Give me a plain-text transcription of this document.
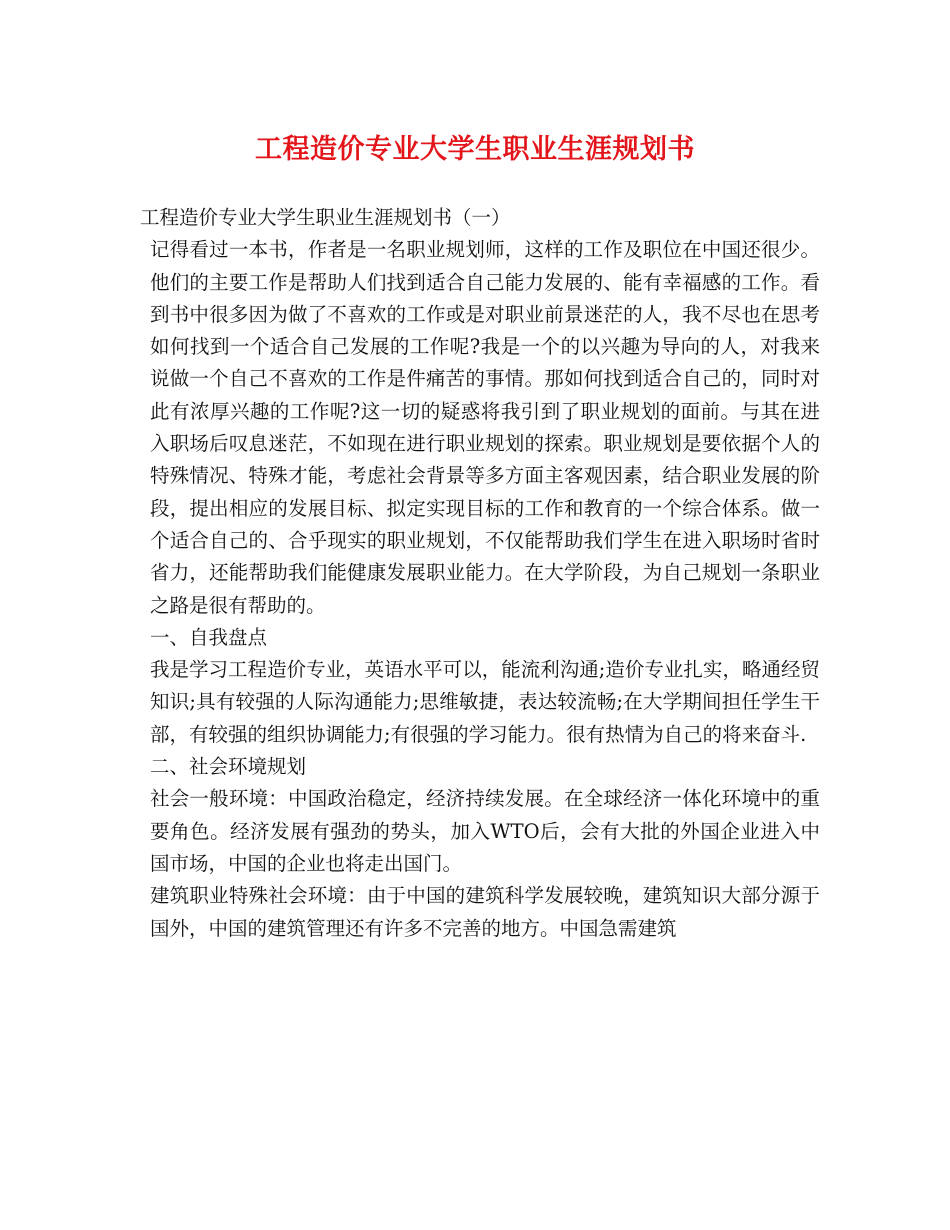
工程造价专业大学生职业生涯规划书

工程造价专业大学生职业生涯规划书（一）

记得看过一本书，作者是一名职业规划师，这样的工作及职位在中国还很少。他们的主要工作是帮助人们找到适合自己能力发展的、能有幸福感的工作。看到书中很多因为做了不喜欢的工作或是对职业前景迷茫的人，我不尽也在思考如何找到一个适合自己发展的工作呢?我是一个的以兴趣为导向的人，对我来说做一个自己不喜欢的工作是件痛苦的事情。那如何找到适合自己的，同时对此有浓厚兴趣的工作呢?这一切的疑惑将我引到了职业规划的面前。与其在进入职场后叹息迷茫，不如现在进行职业规划的探索。职业规划是要依据个人的特殊情况、特殊才能，考虑社会背景等多方面主客观因素，结合职业发展的阶段，提出相应的发展目标、拟定实现目标的工作和教育的一个综合体系。做一个适合自己的、合乎现实的职业规划，不仅能帮助我们学生在进入职场时省时省力，还能帮助我们能健康发展职业能力。在大学阶段，为自己规划一条职业之路是很有帮助的。

一、自我盘点

我是学习工程造价专业，英语水平可以，能流利沟通;造价专业扎实，略通经贸知识;具有较强的人际沟通能力;思维敏捷，表达较流畅;在大学期间担任学生干部，有较强的组织协调能力;有很强的学习能力。很有热情为自己的将来奋斗.

二、社会环境规划

社会一般环境：中国政治稳定，经济持续发展。在全球经济一体化环境中的重要角色。经济发展有强劲的势头，加入WTO后，会有大批的外国企业进入中国市场，中国的企业也将走出国门。

建筑职业特殊社会环境：由于中国的建筑科学发展较晚，建筑知识大部分源于国外，中国的建筑管理还有许多不完善的地方。中国急需建筑
